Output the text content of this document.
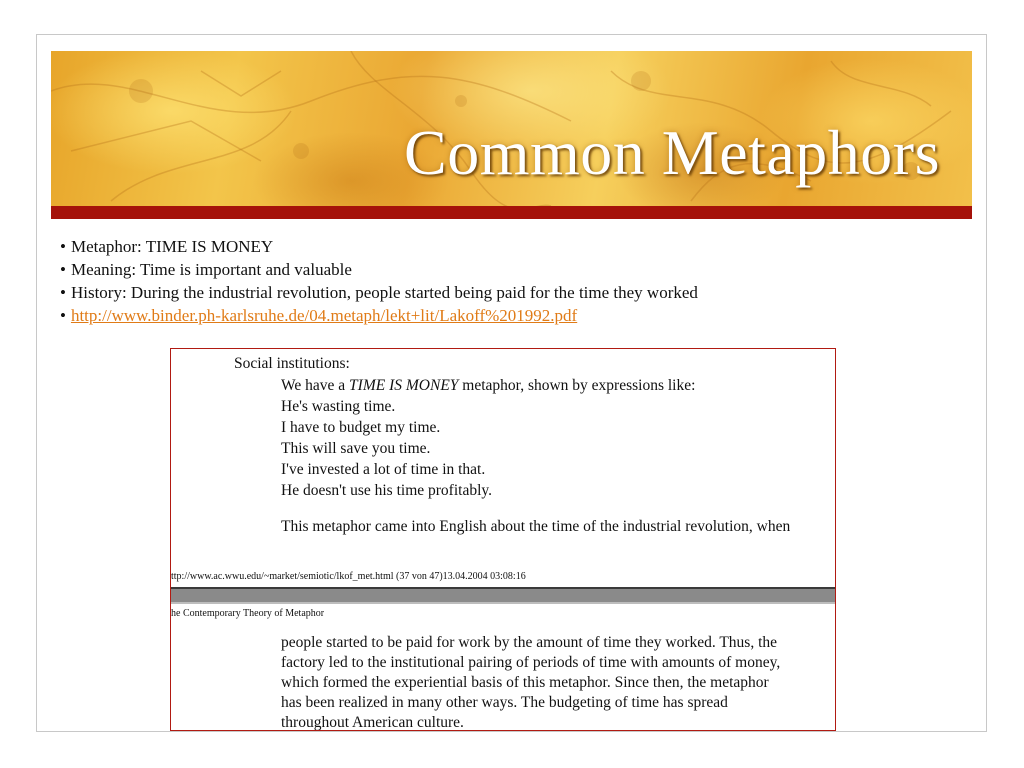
Common Metaphors
• Metaphor: TIME IS MONEY
• Meaning: Time is important and valuable
• History: During the industrial revolution, people started being paid for the time they worked
• http://www.binder.ph-karlsruhe.de/04.metaph/lekt+lit/Lakoff%201992.pdf
Social institutions:
We have a TIME IS MONEY metaphor, shown by expressions like:
He's wasting time.
I have to budget my time.
This will save you time.
I've invested a lot of time in that.
He doesn't use his time profitably.
This metaphor came into English about the time of the industrial revolution, when
ttp://www.ac.wwu.edu/~market/semiotic/lkof_met.html (37 von 47)13.04.2004 03:08:16
he Contemporary Theory of Metaphor
people started to be paid for work by the amount of time they worked. Thus, the
factory led to the institutional pairing of periods of time with amounts of money,
which formed the experiential basis of this metaphor. Since then, the metaphor
has been realized in many other ways. The budgeting of time has spread
throughout American culture.
